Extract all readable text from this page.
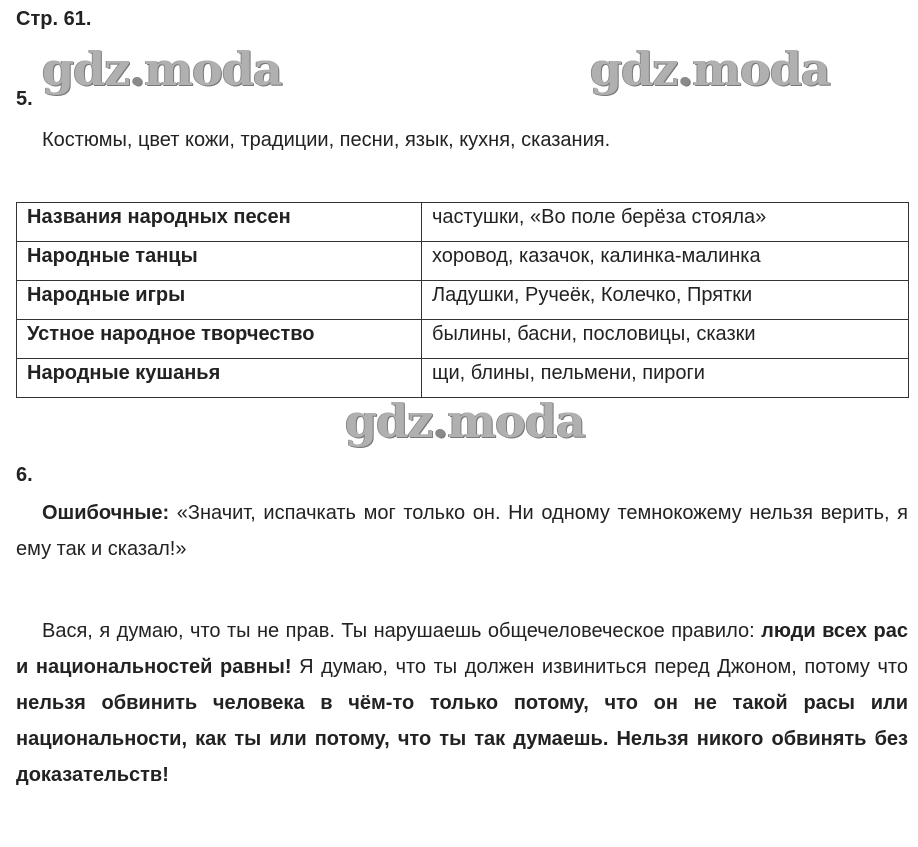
Стр. 61.
gdz.moda	gdz.moda
5.
Костюмы, цвет кожи, традиции, песни, язык, кухня, сказания.
Названия народных песен	частушки, «Во поле берёза стояла»
Народные танцы	хоровод, казачок, калинка-малинка
Народные игры	Ладушки, Ручеёк, Колечко, Прятки
Устное народное творчество	былины, басни, пословицы, сказки
Народные кушанья	щи, блины, пельмени, пироги
gdz.moda
6.
Ошибочные: «Значит, испачкать мог только он. Ни одному темнокожему нельзя верить, я ему так и сказал!»
Вася, я думаю, что ты не прав. Ты нарушаешь общечеловеческое правило: люди всех рас и национальностей равны! Я думаю, что ты должен извиниться перед Джоном, потому что нельзя обвинить человека в чём-то только потому, что он не такой расы или национальности, как ты или потому, что ты так думаешь. Нельзя никого обвинять без доказательств!
